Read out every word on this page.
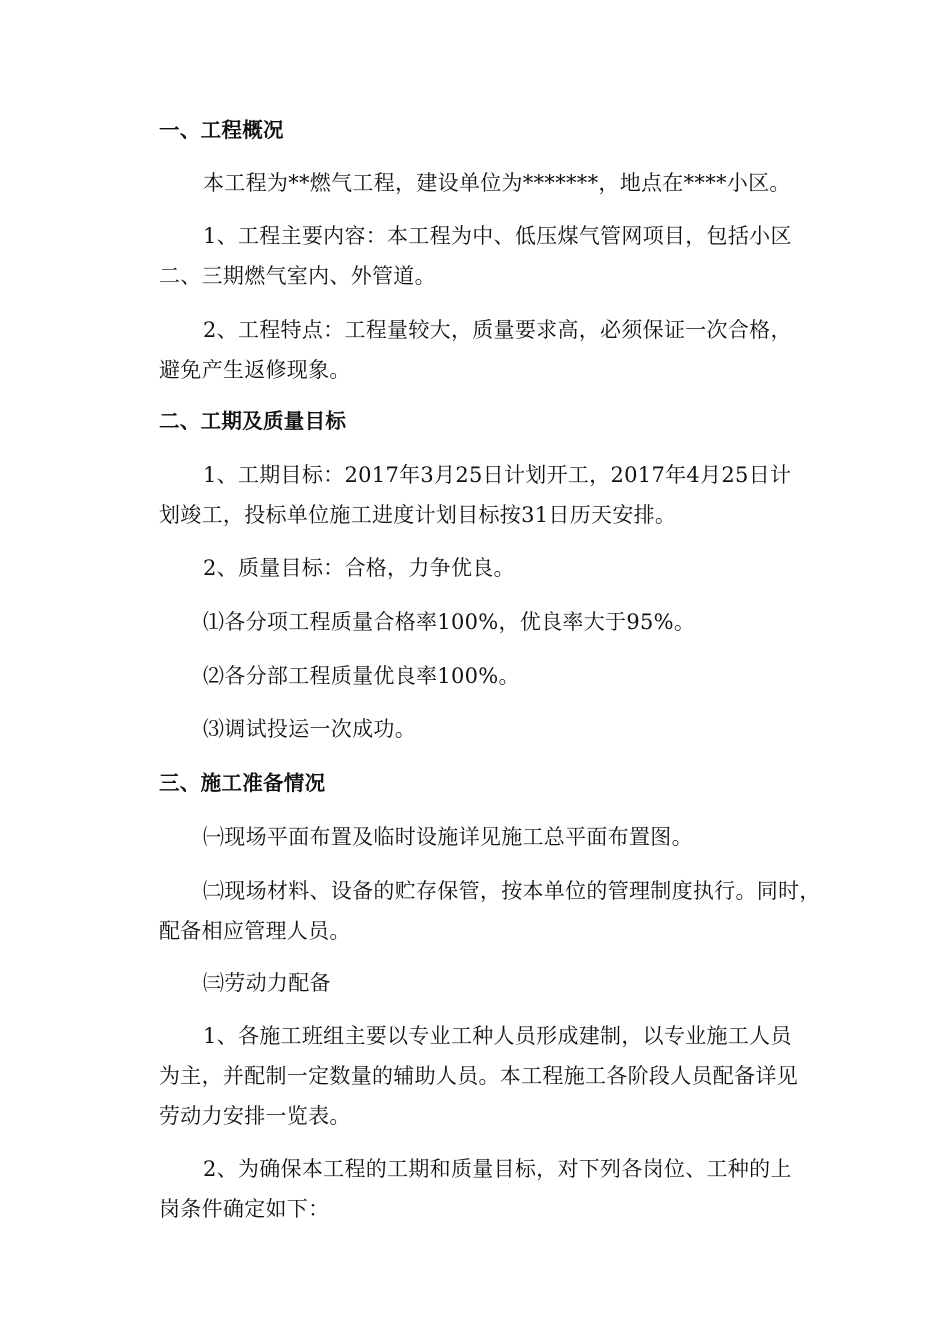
一、工程概况
本工程为**燃气工程，建设单位为*******，地点在****小区。
1、工程主要内容：本工程为中、低压煤气管网项目，包括小区
二、三期燃气室内、外管道。
2、工程特点：工程量较大，质量要求高，必须保证一次合格，
避免产生返修现象。
二、工期及质量目标
1、工期目标：2017年3月25日计划开工，2017年4月25日计
划竣工，投标单位施工进度计划目标按31日历天安排。
2、质量目标：合格，力争优良。
⑴各分项工程质量合格率100%，优良率大于95%。
⑵各分部工程质量优良率100%。
⑶调试投运一次成功。
三、施工准备情况
㈠现场平面布置及临时设施详见施工总平面布置图。
㈡现场材料、设备的贮存保管，按本单位的管理制度执行。同时，
配备相应管理人员。
㈢劳动力配备
1、各施工班组主要以专业工种人员形成建制，以专业施工人员
为主，并配制一定数量的辅助人员。本工程施工各阶段人员配备详见
劳动力安排一览表。
2、为确保本工程的工期和质量目标，对下列各岗位、工种的上
岗条件确定如下：
